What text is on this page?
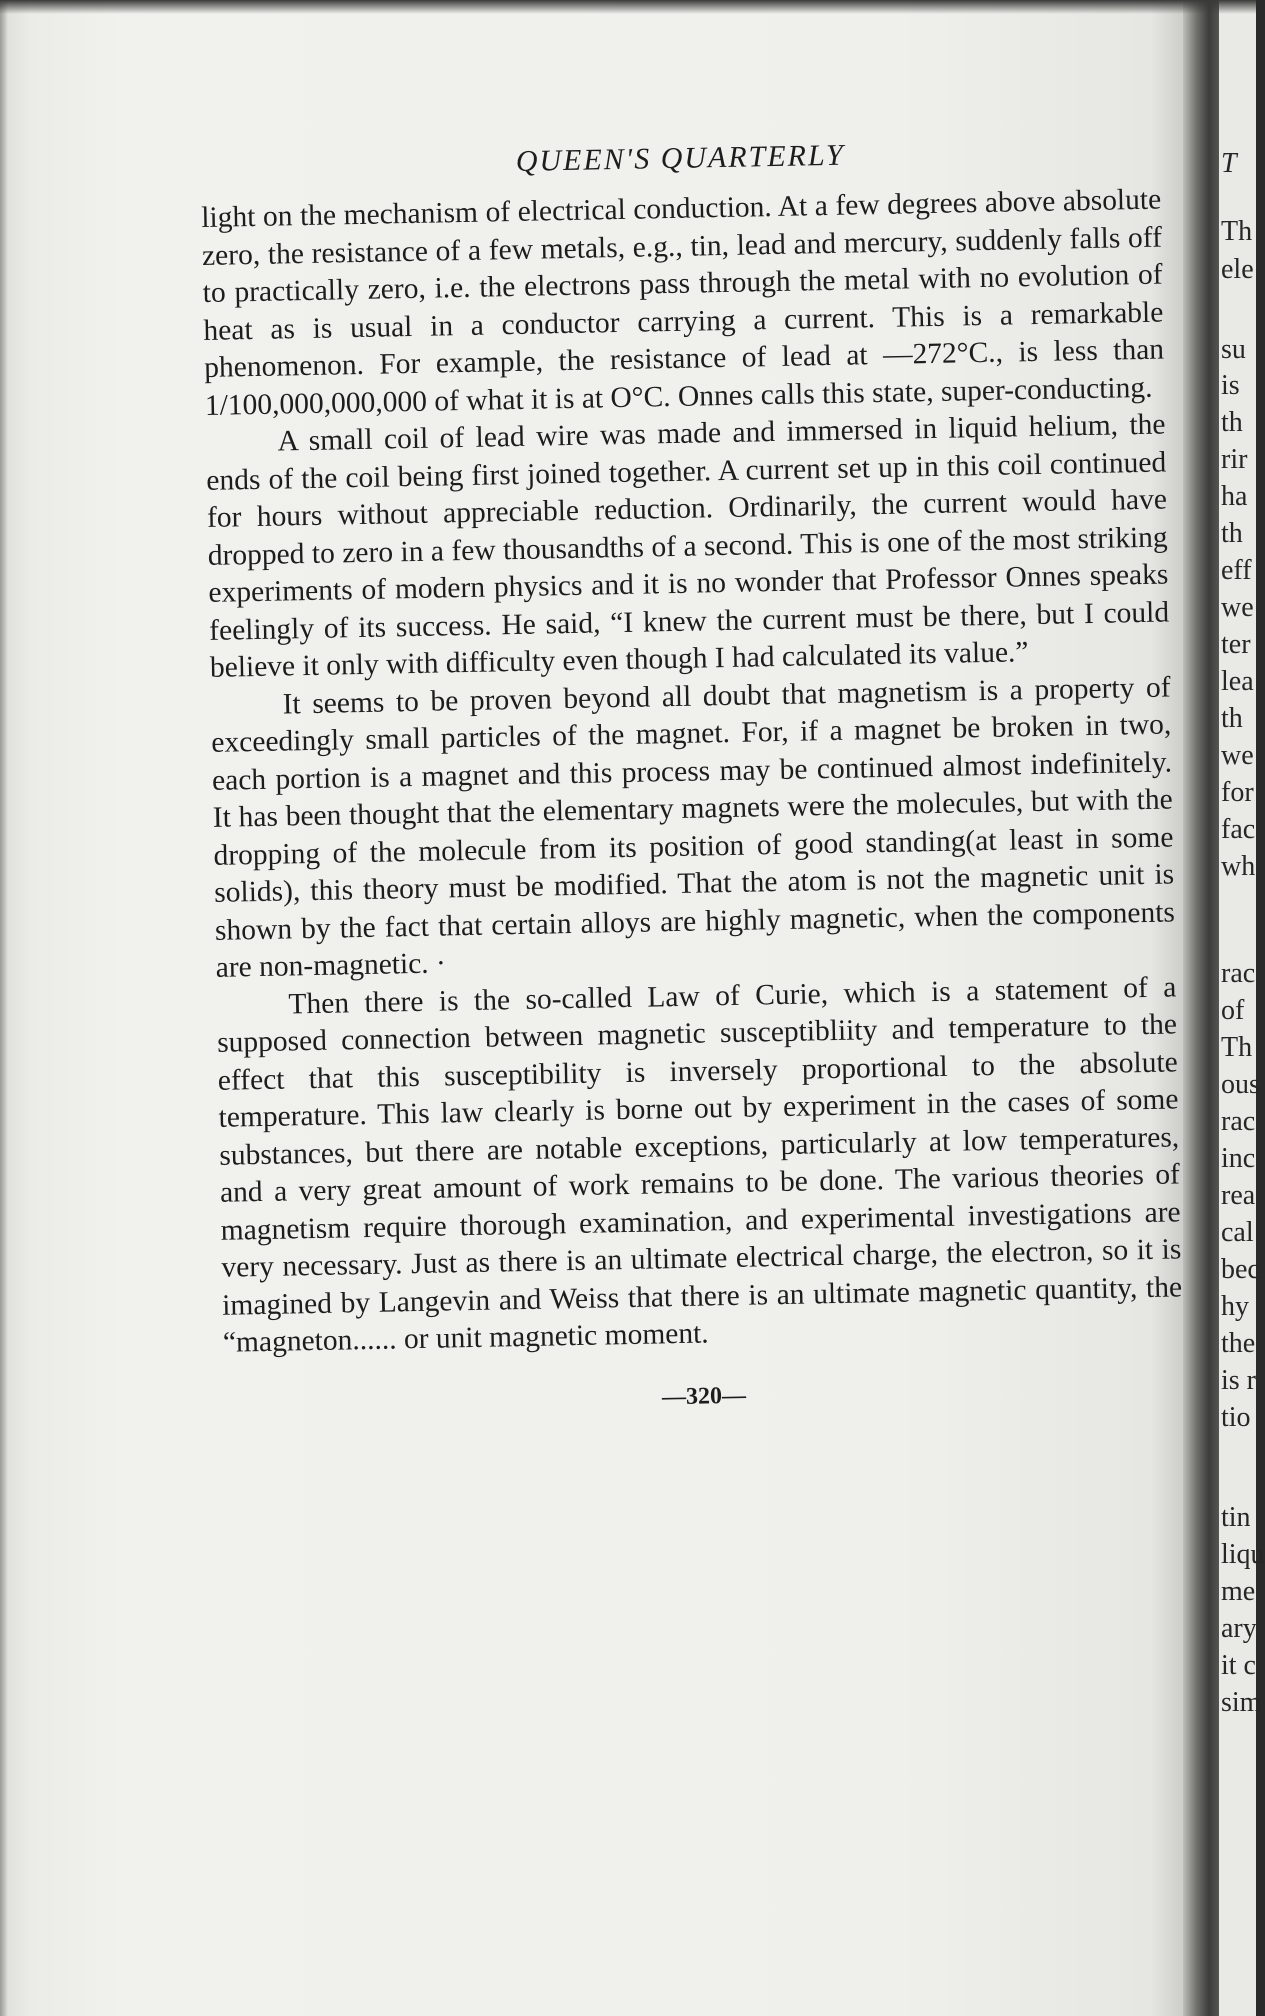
QUEEN'S QUARTERLY

light on the mechanism of electrical conduction. At a few degrees above absolute zero, the resistance of a few metals, e.g., tin, lead and mercury, suddenly falls off to practically zero, i.e. the electrons pass through the metal with no evolution of heat as is usual in a conductor carrying a current. This is a remarkable phenomenon. For example, the resistance of lead at —272°C., is less than 1/100,000,000,000 of what it is at O°C. Onnes calls this state, super-conducting.

A small coil of lead wire was made and immersed in liquid helium, the ends of the coil being first joined together. A current set up in this coil continued for hours without appreciable reduction. Ordinarily, the current would have dropped to zero in a few thousandths of a second. This is one of the most striking experiments of modern physics and it is no wonder that Professor Onnes speaks feelingly of its success. He said, “I knew the current must be there, but I could believe it only with difficulty even though I had calculated its value.”

It seems to be proven beyond all doubt that magnetism is a property of exceedingly small particles of the magnet. For, if a magnet be broken in two, each portion is a magnet and this process may be continued almost indefinitely. It has been thought that the elementary magnets were the molecules, but with the dropping of the molecule from its position of good standing(at least in some solids), this theory must be modified. That the atom is not the magnetic unit is shown by the fact that certain alloys are highly magnetic, when the components are non-magnetic. ·

Then there is the so-called Law of Curie, which is a statement of a supposed connection between magnetic susceptibliity and temperature to the effect that this susceptibility is inversely proportional to the absolute temperature. This law clearly is borne out by experiment in the cases of some substances, but there are notable exceptions, particularly at low temperatures, and a very great amount of work remains to be done. The various theories of magnetism require thorough examination, and experimental investigations are very necessary. Just as there is an ultimate electrical charge, the electron, so it is imagined by Langevin and Weiss that there is an ultimate magnetic quantity, the “magneton...... or unit magnetic moment.

—320—
T
Th
ele
su
is
th
rir
ha
th
eff
we
ter
lea
th
we
for
fac
wh
rac
of
Th
ous
rac
inc
rea
cal
bec
hy
the
is r
tio
tin
liqu
me
ary
it c
sim
